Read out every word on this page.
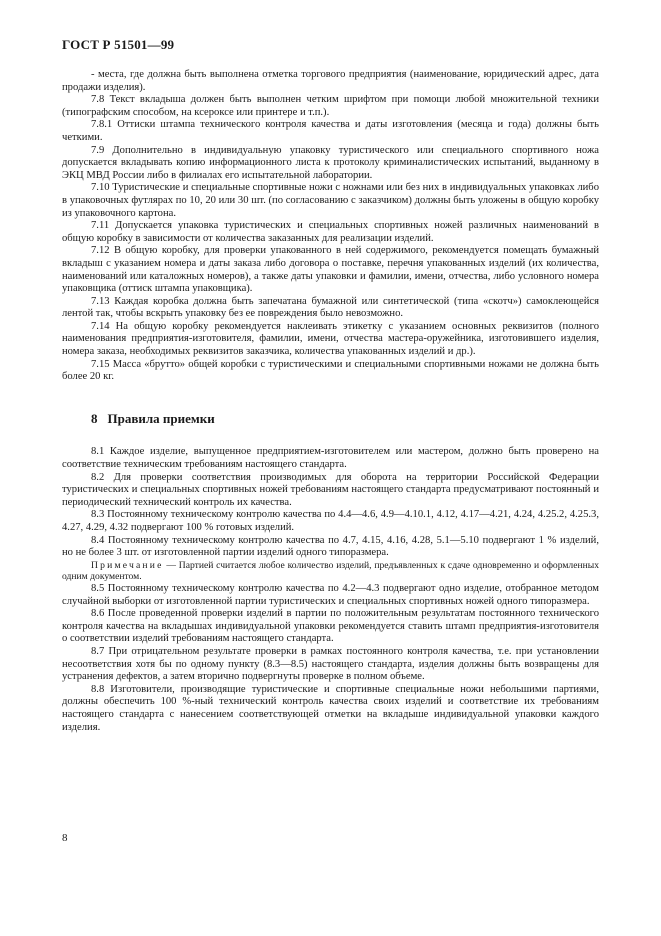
ГОСТ Р 51501—99

- места, где должна быть выполнена отметка торгового предприятия (наименование, юридический адрес, дата продажи изделия).

7.8 Текст вкладыша должен быть выполнен четким шрифтом при помощи любой множительной техники (типографским способом, на ксероксе или принтере и т.п.).

7.8.1 Оттиски штампа технического контроля качества и даты изготовления (месяца и года) должны быть четкими.

7.9 Дополнительно в индивидуальную упаковку туристического или специального спортивного ножа допускается вкладывать копию информационного листа к протоколу криминалистических испытаний, выданному в ЭКЦ МВД России либо в филиалах его испытательной лаборатории.

7.10 Туристические и специальные спортивные ножи с ножнами или без них в индивидуальных упаковках либо в упаковочных футлярах по 10, 20 или 30 шт. (по согласованию с заказчиком) должны быть уложены в общую коробку из упаковочного картона.

7.11 Допускается упаковка туристических и специальных спортивных ножей различных наименований в общую коробку в зависимости от количества заказанных для реализации изделий.

7.12 В общую коробку, для проверки упакованного в ней содержимого, рекомендуется помещать бумажный вкладыш с указанием номера и даты заказа либо договора о поставке, перечня упакованных изделий (их количества, наименований или каталожных номеров), а также даты упаковки и фамилии, имени, отчества, либо условного номера упаковщика (оттиск штампа упаковщика).

7.13 Каждая коробка должна быть запечатана бумажной или синтетической (типа «скотч») самоклеющейся лентой так, чтобы вскрыть упаковку без ее повреждения было невозможно.

7.14 На общую коробку рекомендуется наклеивать этикетку с указанием основных реквизитов (полного наименования предприятия-изготовителя, фамилии, имени, отчества мастера-оружейника, изготовившего изделия, номера заказа, необходимых реквизитов заказчика, количества упакованных изделий и др.).

7.15 Масса «брутто» общей коробки с туристическими и специальными спортивными ножами не должна быть более 20 кг.

8 Правила приемки

8.1 Каждое изделие, выпущенное предприятием-изготовителем или мастером, должно быть проверено на соответствие техническим требованиям настоящего стандарта.

8.2 Для проверки соответствия производимых для оборота на территории Российской Федерации туристических и специальных спортивных ножей требованиям настоящего стандарта предусматривают постоянный и периодический технический контроль их качества.

8.3 Постоянному техническому контролю качества по 4.4—4.6, 4.9—4.10.1, 4.12, 4.17—4.21, 4.24, 4.25.2, 4.25.3, 4.27, 4.29, 4.32 подвергают 100 % готовых изделий.

8.4 Постоянному техническому контролю качества по 4.7, 4.15, 4.16, 4.28, 5.1—5.10 подвергают 1 % изделий, но не более 3 шт. от изготовленной партии изделий одного типоразмера.

Примечание — Партией считается любое количество изделий, предъявленных к сдаче одновременно и оформленных одним документом.

8.5 Постоянному техническому контролю качества по 4.2—4.3 подвергают одно изделие, отобранное методом случайной выборки от изготовленной партии туристических и специальных спортивных ножей одного типоразмера.

8.6 После проведенной проверки изделий в партии по положительным результатам постоянного технического контроля качества на вкладышах индивидуальной упаковки рекомендуется ставить штамп предприятия-изготовителя о соответствии изделий требованиям настоящего стандарта.

8.7 При отрицательном результате проверки в рамках постоянного контроля качества, т.е. при установлении несоответствия хотя бы по одному пункту (8.3—8.5) настоящего стандарта, изделия должны быть возвращены для устранения дефектов, а затем вторично подвергнуты проверке в полном объеме.

8.8 Изготовители, производящие туристические и спортивные специальные ножи небольшими партиями, должны обеспечить 100 %-ный технический контроль качества своих изделий и соответствие их требованиям настоящего стандарта с нанесением соответствующей отметки на вкладыше индивидуальной упаковки каждого изделия.

8
